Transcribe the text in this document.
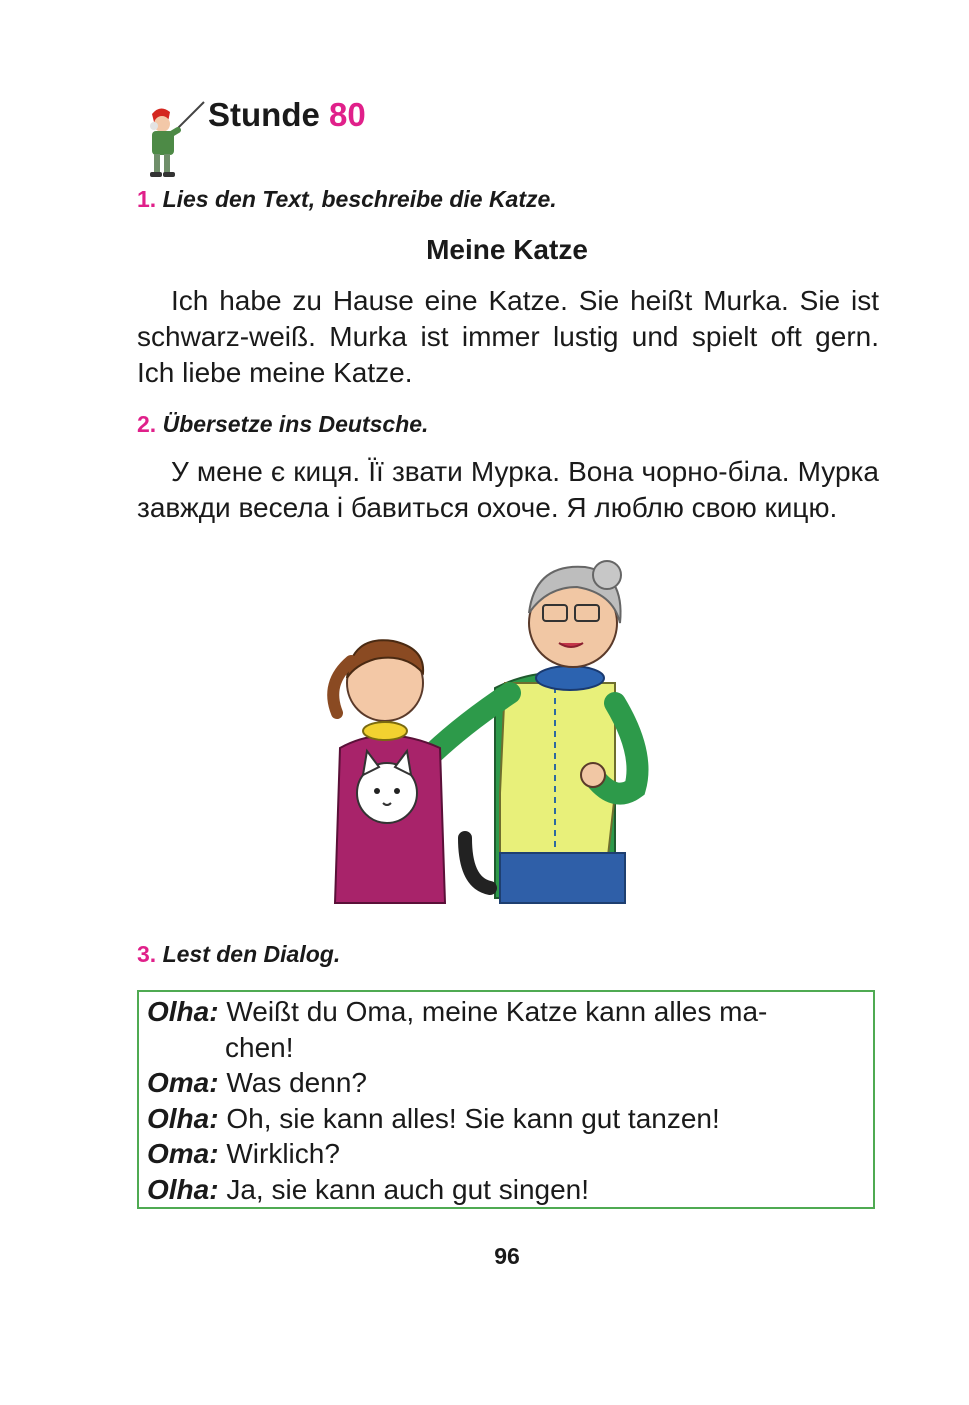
Stunde 80
1. Lies den Text, beschreibe die Katze.
Meine Katze

Ich habe zu Hause eine Katze. Sie heißt Murka. Sie ist schwarz-weiß. Murka ist immer lustig und spielt oft gern. Ich liebe meine Katze.

2. Übersetze ins Deutsche.

У мене є киця. Її звати Мурка. Вона чорно-біла. Мурка завжди весела і бавиться охоче. Я люблю свою кицю.

3. Lest den Dialog.
Olha: Weißt du Oma, meine Katze kann alles ma-
chen!
Oma: Was denn?
Olha: Oh, sie kann alles! Sie kann gut tanzen!
Oma: Wirklich?
Olha: Ja, sie kann auch gut singen!
96
